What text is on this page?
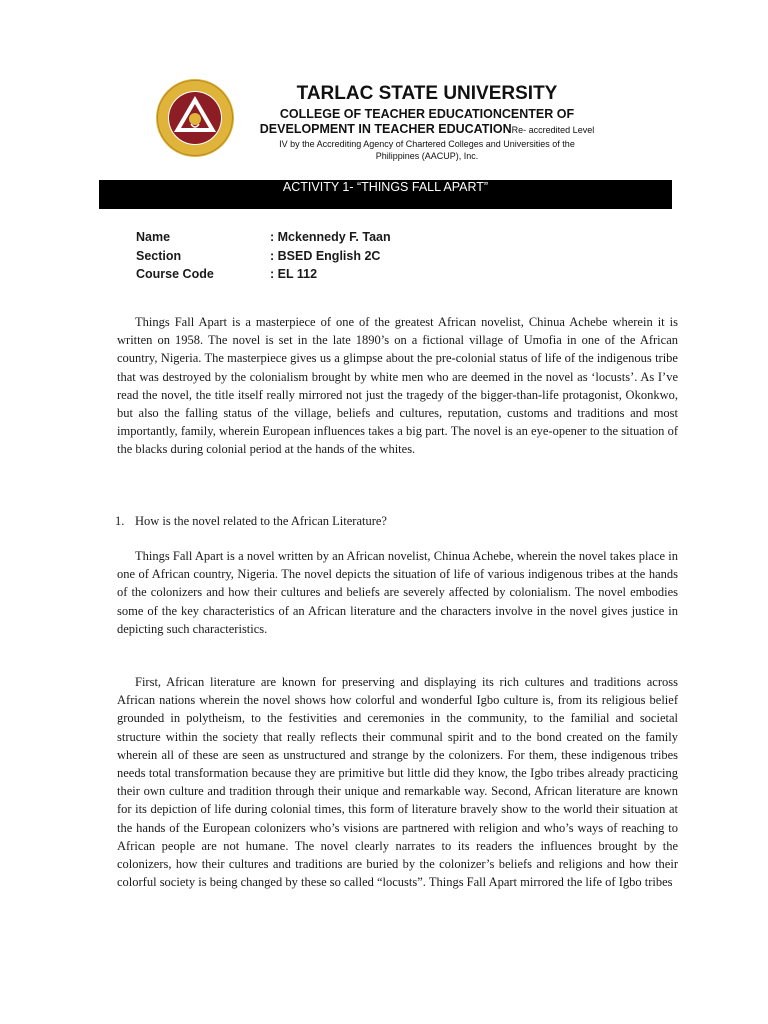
TARLAC STATE UNIVERSITY
COLLEGE OF TEACHER EDUCATIONCENTER OF
DEVELOPMENT IN TEACHER EDUCATIONRe- accredited Level
IV by the Accrediting Agency of Chartered Colleges and Universities of the
Philippines (AACUP), Inc.
ACTIVITY 1- “THINGS FALL APART”
Name	: Mckennedy F. Taan
Section	: BSED English 2C
Course Code	: EL 112

Things Fall Apart is a masterpiece of one of the greatest African novelist, Chinua Achebe wherein it is written on 1958. The novel is set in the late 1890’s on a fictional village of Umofia in one of the African country, Nigeria. The masterpiece gives us a glimpse about the pre-colonial status of life of the indigenous tribe that was destroyed by the colonialism brought by white men who are deemed in the novel as ‘locusts’. As I’ve read the novel, the title itself really mirrored not just the tragedy of the bigger-than-life protagonist, Okonkwo, but also the falling status of the village, beliefs and cultures, reputation, customs and traditions and most importantly, family, wherein European influences takes a big part. The novel is an eye-opener to the situation of the blacks during colonial period at the hands of the whites.

1. How is the novel related to the African Literature?

Things Fall Apart is a novel written by an African novelist, Chinua Achebe, wherein the novel takes place in one of African country, Nigeria. The novel depicts the situation of life of various indigenous tribes at the hands of the colonizers and how their cultures and beliefs are severely affected by colonialism. The novel embodies some of the key characteristics of an African literature and the characters involve in the novel gives justice in depicting such characteristics.

First, African literature are known for preserving and displaying its rich cultures and traditions across African nations wherein the novel shows how colorful and wonderful Igbo culture is, from its religious belief grounded in polytheism, to the festivities and ceremonies in the community, to the familial and societal structure within the society that really reflects their communal spirit and to the bond created on the family wherein all of these are seen as unstructured and strange by the colonizers. For them, these indigenous tribes needs total transformation because they are primitive but little did they know, the Igbo tribes already practicing their own culture and tradition through their unique and remarkable way. Second, African literature are known for its depiction of life during colonial times, this form of literature bravely show to the world their situation at the hands of the European colonizers who’s visions are partnered with religion and who’s ways of reaching to African people are not humane. The novel clearly narrates to its readers the influences brought by the colonizers, how their cultures and traditions are buried by the colonizer’s beliefs and religions and how their colorful society is being changed by these so called “locusts”. Things Fall Apart mirrored the life of Igbo tribes
